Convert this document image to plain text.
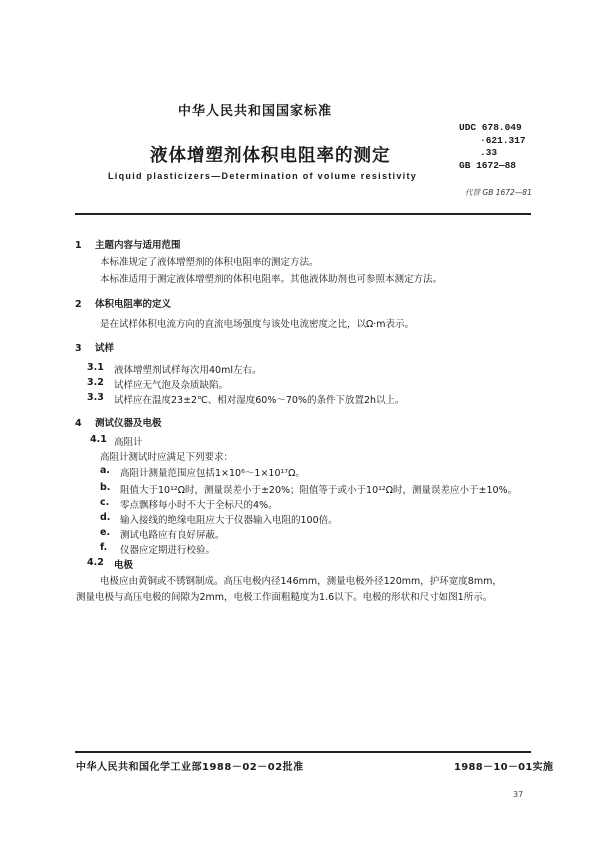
中华人民共和国国家标准
UDC 678.049
·621.317
.33
液体增塑剂体积电阻率的测定	GB 1672—88
Liquid plasticizers—Determination of volume resistivity
代替 GB 1672—81
1 主题内容与适用范围
本标准规定了液体增塑剂的体积电阻率的测定方法。
本标准适用于测定液体增塑剂的体积电阻率。其他液体助剂也可参照本测定方法。
2 体积电阻率的定义
是在试样体积电流方向的直流电场强度与该处电流密度之比，以Ω·m表示。
3 试样
3.1 液体增塑剂试样每次用40ml左右。
3.2 试样应无气泡及杂质缺陷。
3.3 试样应在温度23±2℃、相对湿度60%～70%的条件下放置2h以上。
4 测试仪器及电极
4.1 高阻计
高阻计测试时应满足下列要求：
a. 高阻计测量范围应包括1×10⁶～1×10¹⁷Ω。
b. 阻值大于10¹²Ω时，测量误差小于±20%；阻值等于或小于10¹²Ω时，测量误差应小于±10%。
c. 零点飘移每小时不大于全标尺的4%。
d. 输入接线的绝缘电阻应大于仪器输入电阻的100倍。
e. 测试电路应有良好屏蔽。
f. 仪器应定期进行校验。
4.2 电极
电极应由黄铜或不锈钢制成。高压电极内径146mm，测量电极外径120mm，护环宽度8mm，
测量电极与高压电极的间隙为2mm，电极工作面粗糙度为1.6以下。电极的形状和尺寸如图1所示。
中华人民共和国化学工业部1988－02－02批准	1988－10－01实施
37
